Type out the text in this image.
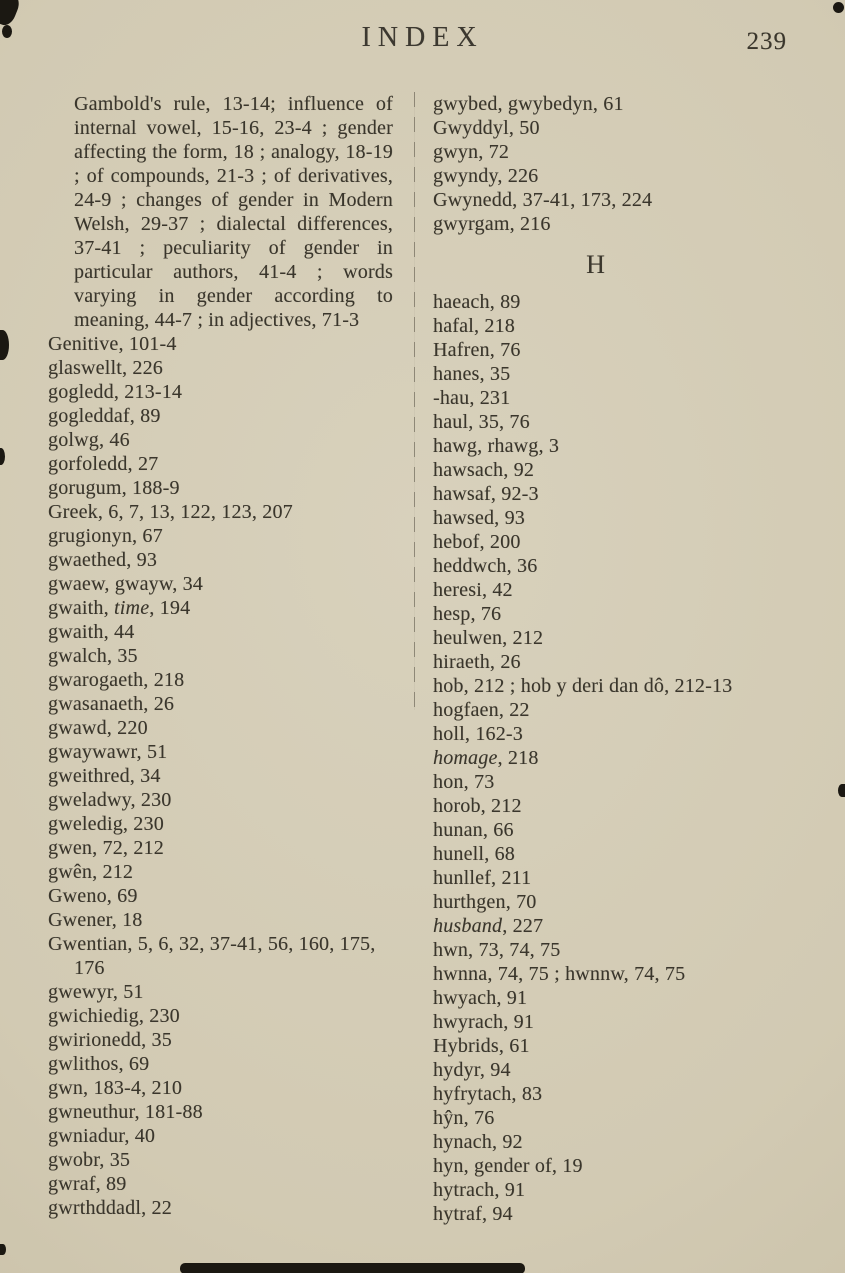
INDEX	239
Gambold's rule, 13-14; influence of internal vowel, 15-16, 23-4 ; gender affecting the form, 18 ; analogy, 18-19 ; of compounds, 21-3 ; of derivatives, 24-9 ; changes of gender in Modern Welsh, 29-37 ; dialectal differences, 37-41 ; peculiarity of gender in particular authors, 41-4 ; words varying in gender according to meaning, 44-7 ; in adjectives, 71-3
Genitive, 101-4
glaswellt, 226
gogledd, 213-14
gogleddaf, 89
golwg, 46
gorfoledd, 27
gorugum, 188-9
Greek, 6, 7, 13, 122, 123, 207
grugionyn, 67
gwaethed, 93
gwaew, gwayw, 34
gwaith, time, 194
gwaith, 44
gwalch, 35
gwarogaeth, 218
gwasanaeth, 26
gwawd, 220
gwaywawr, 51
gweithred, 34
gweladwy, 230
gweledig, 230
gwen, 72, 212
gwên, 212
Gweno, 69
Gwener, 18
Gwentian, 5, 6, 32, 37-41, 56, 160, 175, 176
gwewyr, 51
gwichiedig, 230
gwirionedd, 35
gwlithos, 69
gwn, 183-4, 210
gwneuthur, 181-88
gwniadur, 40
gwobr, 35
gwraf, 89
gwrthddadl, 22
gwybed, gwybedyn, 61
Gwyddyl, 50
gwyn, 72
gwyndy, 226
Gwynedd, 37-41, 173, 224
gwyrgam, 216
H
haeach, 89
hafal, 218
Hafren, 76
hanes, 35
-hau, 231
haul, 35, 76
hawg, rhawg, 3
hawsach, 92
hawsaf, 92-3
hawsed, 93
hebof, 200
heddwch, 36
heresi, 42
hesp, 76
heulwen, 212
hiraeth, 26
hob, 212 ; hob y deri dan dô, 212-13
hogfaen, 22
holl, 162-3
homage, 218
hon, 73
horob, 212
hunan, 66
hunell, 68
hunllef, 211
hurthgen, 70
husband, 227
hwn, 73, 74, 75
hwnna, 74, 75 ; hwnnw, 74, 75
hwyach, 91
hwyrach, 91
Hybrids, 61
hydyr, 94
hyfrytach, 83
hŷn, 76
hynach, 92
hyn, gender of, 19
hytrach, 91
hytraf, 94
